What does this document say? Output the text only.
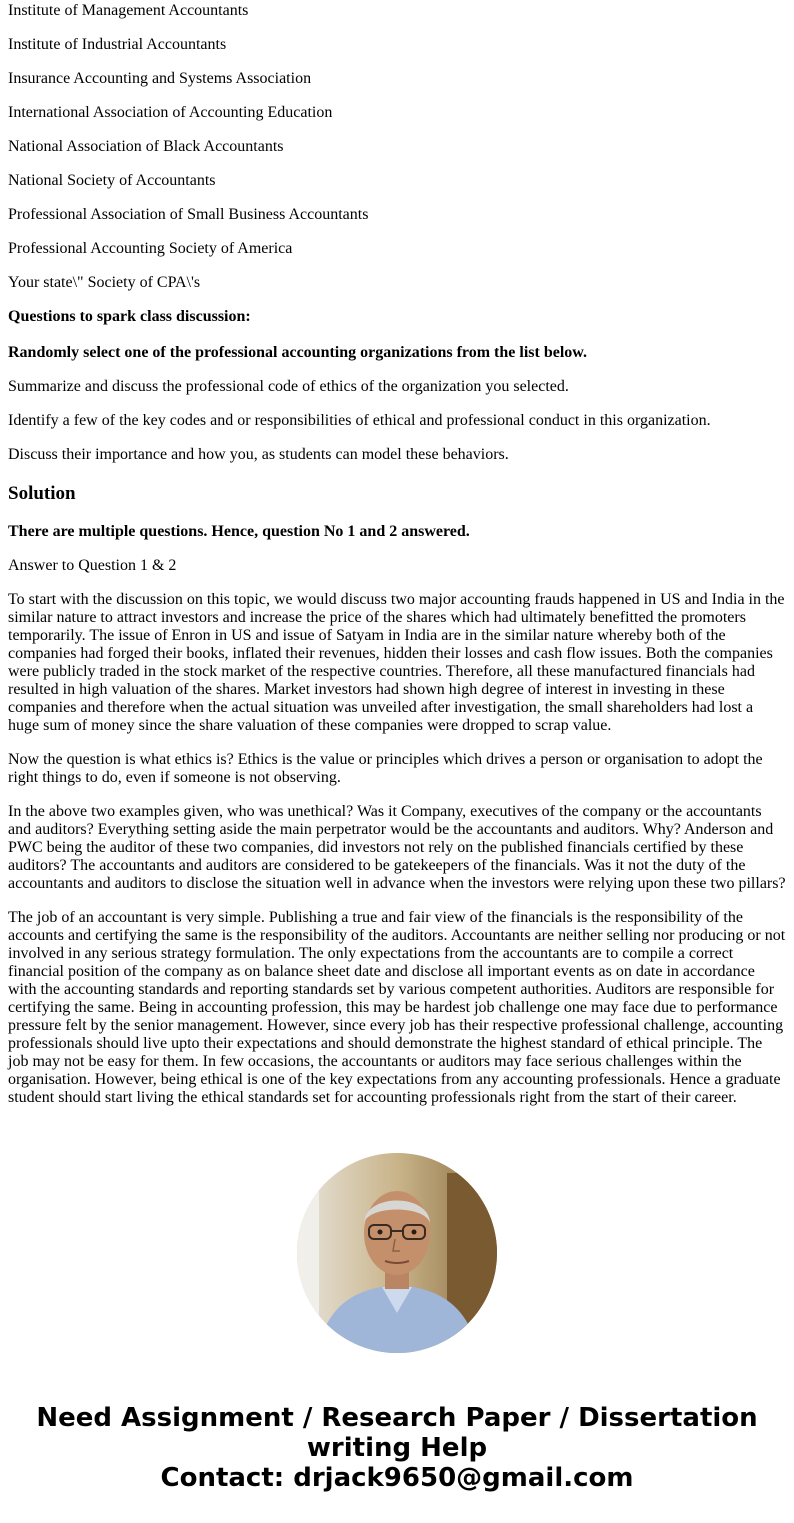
Institute of Management Accountants

Institute of Industrial Accountants

Insurance Accounting and Systems Association

International Association of Accounting Education

National Association of Black Accountants

National Society of Accountants

Professional Association of Small Business Accountants

Professional Accounting Society of America

Your state\" Society of CPA\'s

Questions to spark class discussion:

Randomly select one of the professional accounting organizations from the list below.

Summarize and discuss the professional code of ethics of the organization you selected.

Identify a few of the key codes and or responsibilities of ethical and professional conduct in this organization.

Discuss their importance and how you, as students can model these behaviors.

Solution

There are multiple questions. Hence, question No 1 and 2 answered.

Answer to Question 1 & 2

To start with the discussion on this topic, we would discuss two major accounting frauds happened in US and India in the similar nature to attract investors and increase the price of the shares which had ultimately benefitted the promoters temporarily. The issue of Enron in US and issue of Satyam in India are in the similar nature whereby both of the companies had forged their books, inflated their revenues, hidden their losses and cash flow issues. Both the companies were publicly traded in the stock market of the respective countries. Therefore, all these manufactured financials had resulted in high valuation of the shares. Market investors had shown high degree of interest in investing in these companies and therefore when the actual situation was unveiled after investigation, the small shareholders had lost a huge sum of money since the share valuation of these companies were dropped to scrap value.

Now the question is what ethics is? Ethics is the value or principles which drives a person or organisation to adopt the right things to do, even if someone is not observing.

In the above two examples given, who was unethical? Was it Company, executives of the company or the accountants and auditors? Everything setting aside the main perpetrator would be the accountants and auditors. Why? Anderson and PWC being the auditor of these two companies, did investors not rely on the published financials certified by these auditors? The accountants and auditors are considered to be gatekeepers of the financials. Was it not the duty of the accountants and auditors to disclose the situation well in advance when the investors were relying upon these two pillars?

The job of an accountant is very simple. Publishing a true and fair view of the financials is the responsibility of the accounts and certifying the same is the responsibility of the auditors. Accountants are neither selling nor producing or not involved in any serious strategy formulation. The only expectations from the accountants are to compile a correct financial position of the company as on balance sheet date and disclose all important events as on date in accordance with the accounting standards and reporting standards set by various competent authorities. Auditors are responsible for certifying the same. Being in accounting profession, this may be hardest job challenge one may face due to performance pressure felt by the senior management. However, since every job has their respective professional challenge, accounting professionals should live upto their expectations and should demonstrate the highest standard of ethical principle. The job may not be easy for them. In few occasions, the accountants or auditors may face serious challenges within the organisation. However, being ethical is one of the key expectations from any accounting professionals. Hence a graduate student should start living the ethical standards set for accounting professionals right from the start of their career.

Need Assignment / Research Paper / Dissertation
writing Help
Contact: drjack9650@gmail.com
